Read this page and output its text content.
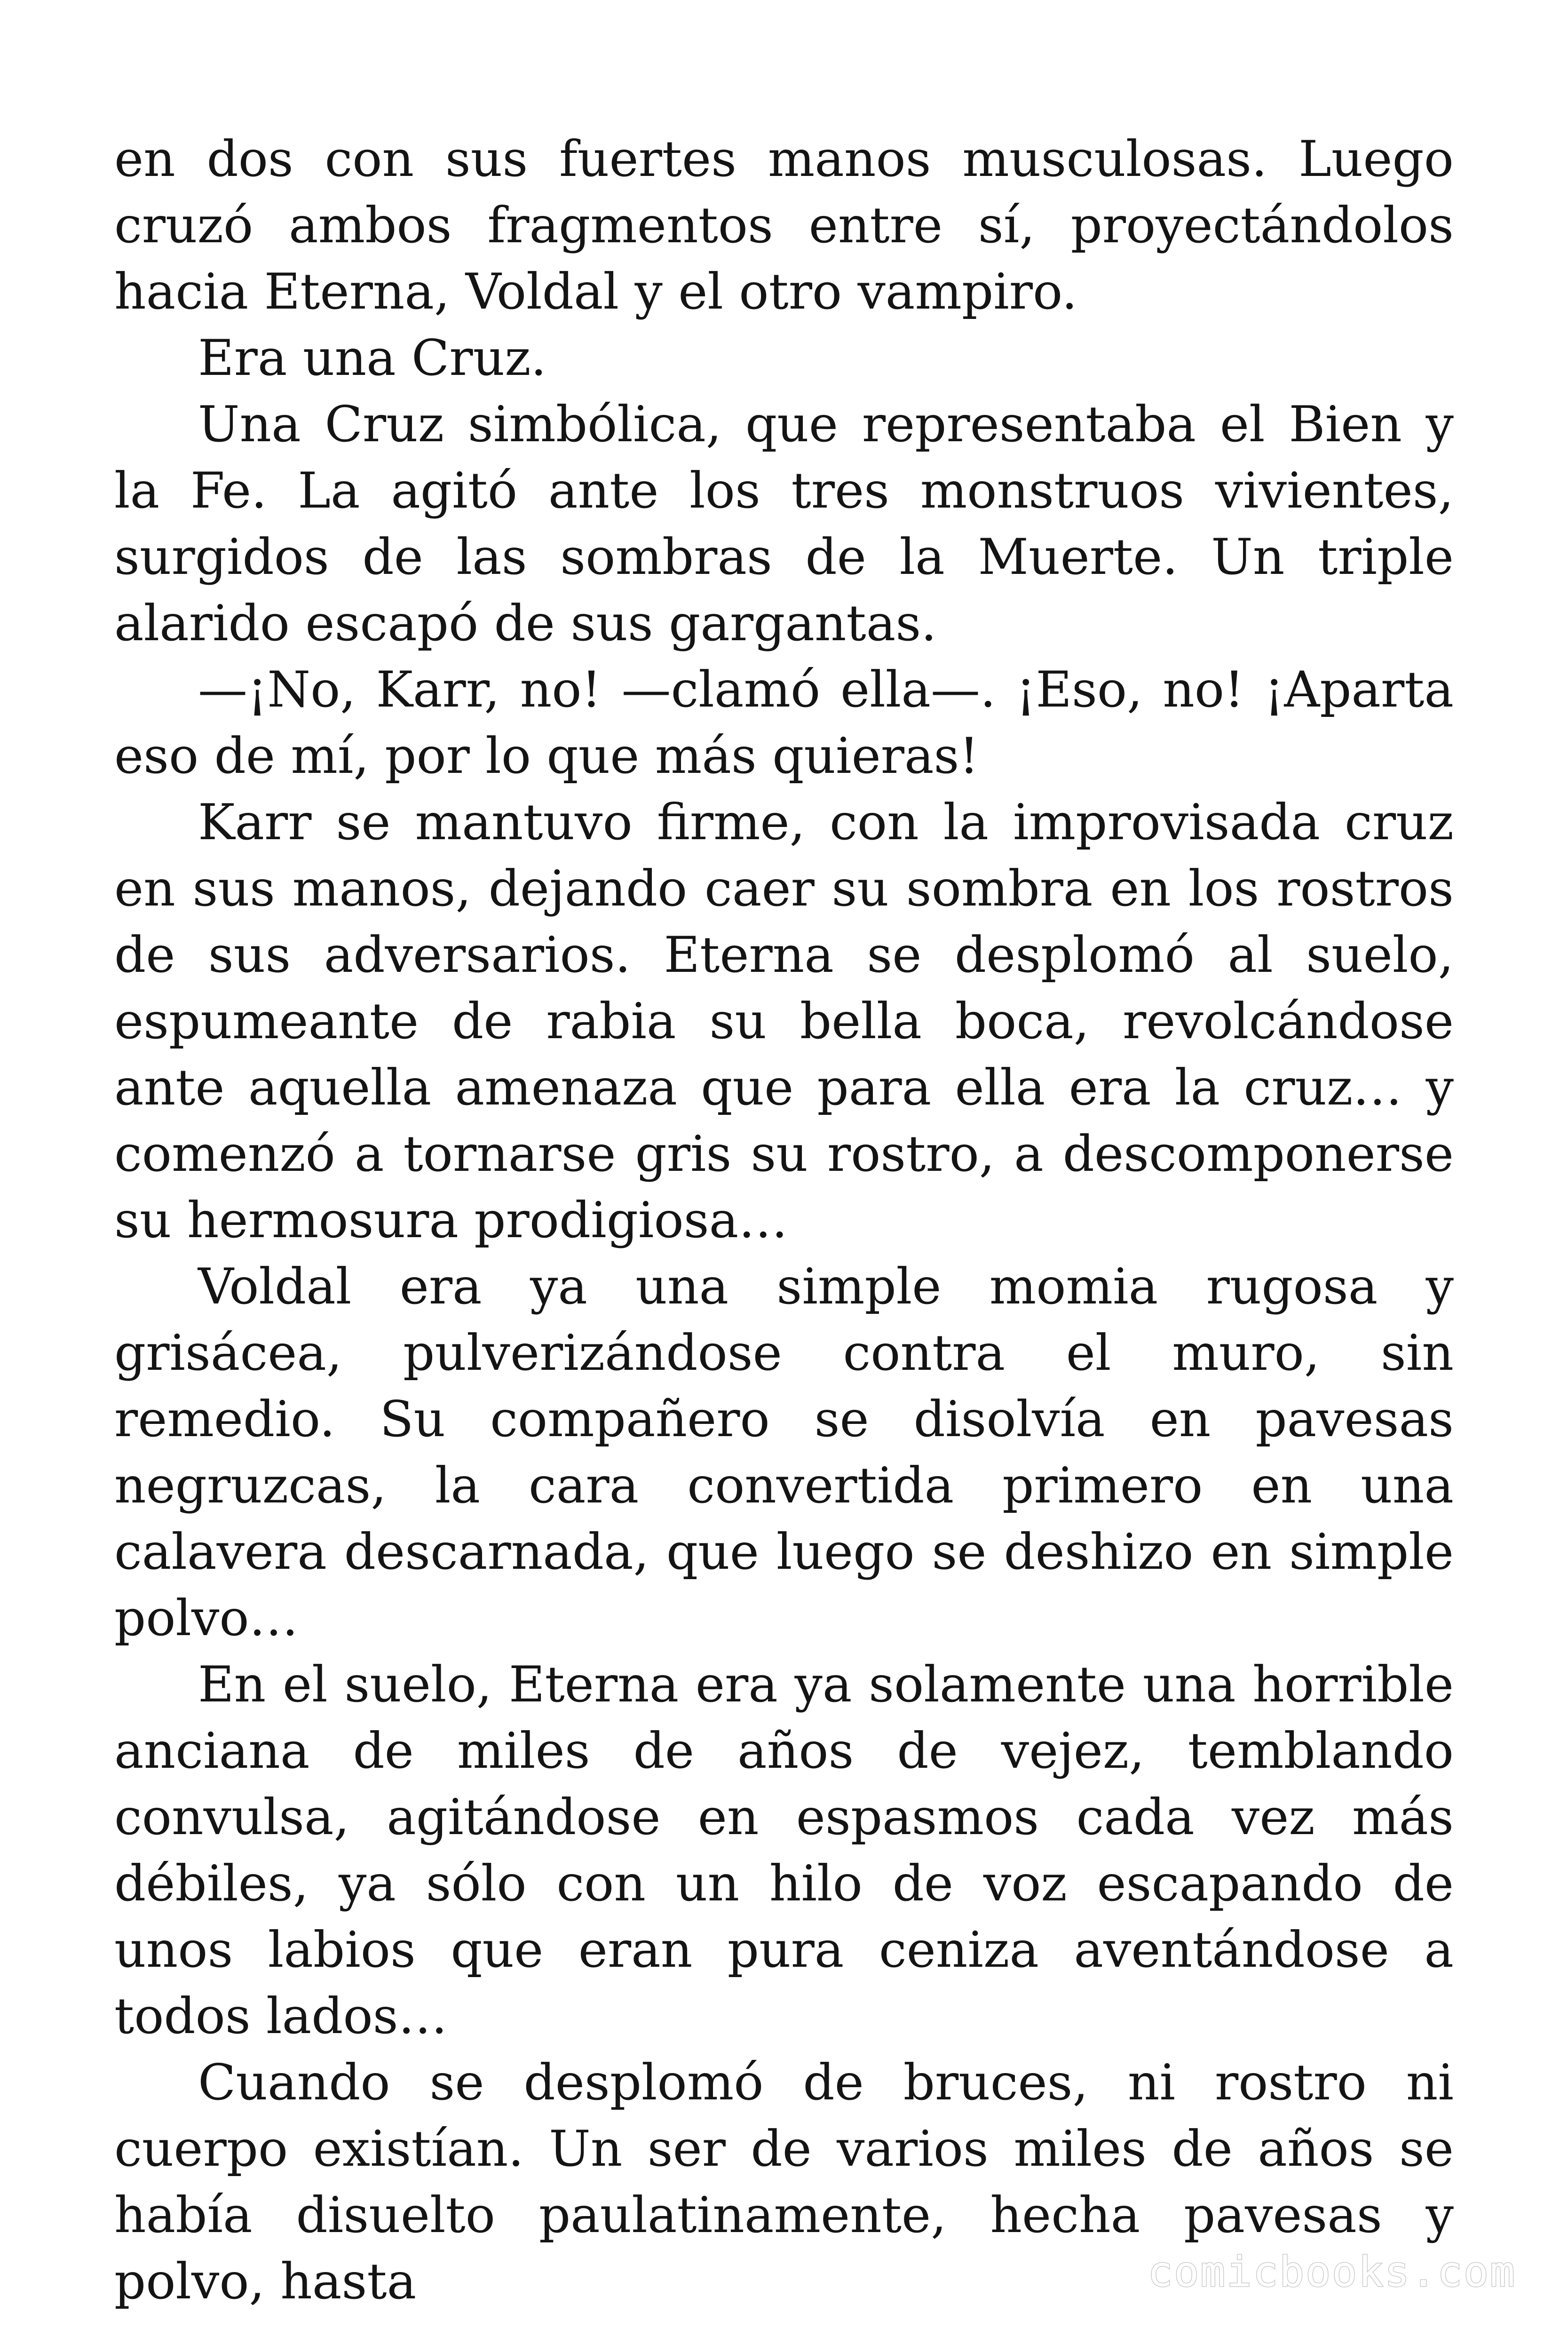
en dos con sus fuertes manos musculosas. Luego cruzó ambos fragmentos entre sí, proyectándolos hacia Eterna, Voldal y el otro vampiro.

Era una Cruz.

Una Cruz simbólica, que representaba el Bien y la Fe. La agitó ante los tres monstruos vivientes, surgidos de las sombras de la Muerte. Un triple alarido escapó de sus gargantas.

—¡No, Karr, no! —clamó ella—. ¡Eso, no! ¡Aparta eso de mí, por lo que más quieras!

Karr se mantuvo firme, con la improvisada cruz en sus manos, dejando caer su sombra en los rostros de sus adversarios. Eterna se desplomó al suelo, espumeante de rabia su bella boca, revolcándose ante aquella amenaza que para ella era la cruz… y comenzó a tornarse gris su rostro, a descomponerse su hermosura prodigiosa…

Voldal era ya una simple momia rugosa y grisácea, pulverizándose contra el muro, sin remedio. Su compañero se disolvía en pavesas negruzcas, la cara convertida primero en una calavera descarnada, que luego se deshizo en simple polvo…

En el suelo, Eterna era ya solamente una horrible anciana de miles de años de vejez, temblando convulsa, agitándose en espasmos cada vez más débiles, ya sólo con un hilo de voz escapando de unos labios que eran pura ceniza aventándose a todos lados…

Cuando se desplomó de bruces, ni rostro ni cuerpo existían. Un ser de varios miles de años se había disuelto paulatinamente, hecha pavesas y polvo, hasta	comicbooks.com
